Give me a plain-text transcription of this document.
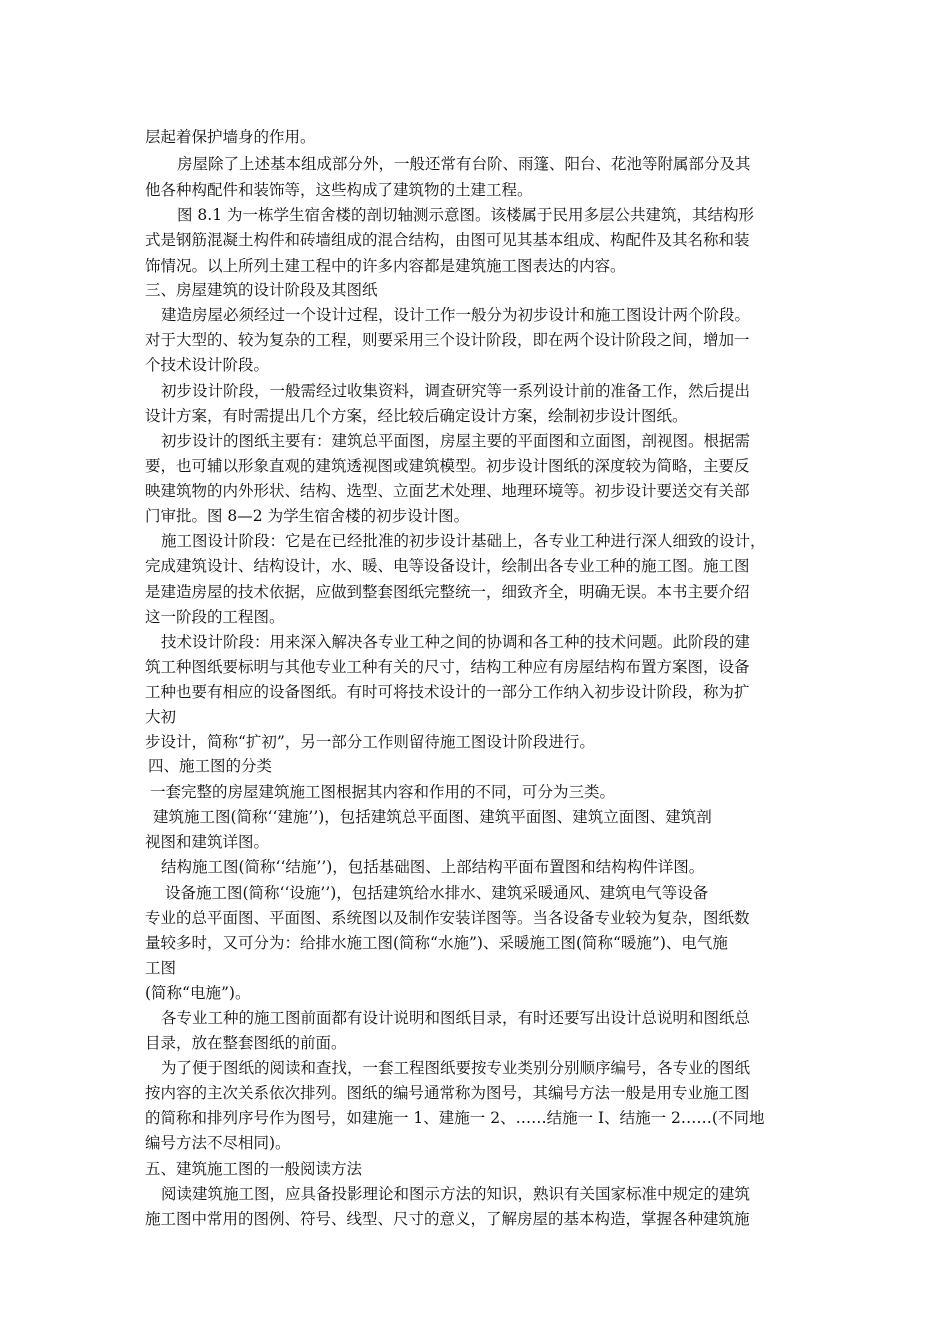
层起着保护墙身的作用。
房屋除了上述基本组成部分外，一般还常有台阶、雨篷、阳台、花池等附属部分及其
他各种构配件和装饰等，这些构成了建筑物的土建工程。
图 8.1 为一栋学生宿舍楼的剖切轴测示意图。该楼属于民用多层公共建筑，其结构形
式是钢筋混凝土构件和砖墙组成的混合结构，由图可见其基本组成、构配件及其名称和装
饰情况。以上所列土建工程中的许多内容都是建筑施工图表达的内容。
三、房屋建筑的设计阶段及其图纸
建造房屋必须经过一个设计过程，设计工作一般分为初步设计和施工图设计两个阶段。
对于大型的、较为复杂的工程，则要采用三个设计阶段，即在两个设计阶段之间，增加一
个技术设计阶段。
初步设计阶段，一般需经过收集资料，调查研究等一系列设计前的准备工作，然后提出
设计方案，有时需提出几个方案，经比较后确定设计方案，绘制初步设计图纸。
初步设计的图纸主要有：建筑总平面图，房屋主要的平面图和立面图，剖视图。根据需
要，也可辅以形象直观的建筑透视图或建筑模型。初步设计图纸的深度较为简略，主要反
映建筑物的内外形状、结构、选型、立面艺术处理、地理环境等。初步设计要送交有关部
门审批。图 8—2 为学生宿舍楼的初步设计图。
施工图设计阶段：它是在已经批准的初步设计基础上，各专业工种进行深人细致的设计，
完成建筑设计、结构设计，水、暖、电等设备设计，绘制出各专业工种的施工图。施工图
是建造房屋的技术依据，应做到整套图纸完整统一，细致齐全，明确无误。本书主要介绍
这一阶段的工程图。
技术设计阶段：用来深入解决各专业工种之间的协调和各工种的技术问题。此阶段的建
筑工种图纸要标明与其他专业工种有关的尺寸，结构工种应有房屋结构布置方案图，设备
工种也要有相应的设备图纸。有时可将技术设计的一部分工作纳入初步设计阶段，称为扩
大初
步设计，简称“扩初”，另一部分工作则留待施工图设计阶段进行。
四、施工图的分类
一套完整的房屋建筑施工图根据其内容和作用的不同，可分为三类。
建筑施工图(简称‘‘建施’’)，包括建筑总平面图、建筑平面图、建筑立面图、建筑剖
视图和建筑详图。
结构施工图(简称‘‘结施’’)，包括基础图、上部结构平面布置图和结构构件详图。
设备施工图(简称‘‘设施’’)，包括建筑给水排水、建筑采暖通风、建筑电气等设备
专业的总平面图、平面图、系统图以及制作安装详图等。当各设备专业较为复杂，图纸数
量较多时，又可分为：给排水施工图(简称“水施”)、采暖施工图(简称“暖施”)、电气施
工图
(简称“电施”)。
各专业工种的施工图前面都有设计说明和图纸目录，有时还要写出设计总说明和图纸总
目录，放在整套图纸的前面。
为了便于图纸的阅读和查找，一套工程图纸要按专业类别分别顺序编号，各专业的图纸
按内容的主次关系依次排列。图纸的编号通常称为图号，其编号方法一般是用专业施工图
的简称和排列序号作为图号，如建施一 1、建施一 2、……结施一 I、结施一 2……(不同地
编号方法不尽相同)。
五、建筑施工图的一般阅读方法
阅读建筑施工图，应具备投影理论和图示方法的知识，熟识有关国家标准中规定的建筑
施工图中常用的图例、符号、线型、尺寸的意义，了解房屋的基本构造，掌握各种建筑施
